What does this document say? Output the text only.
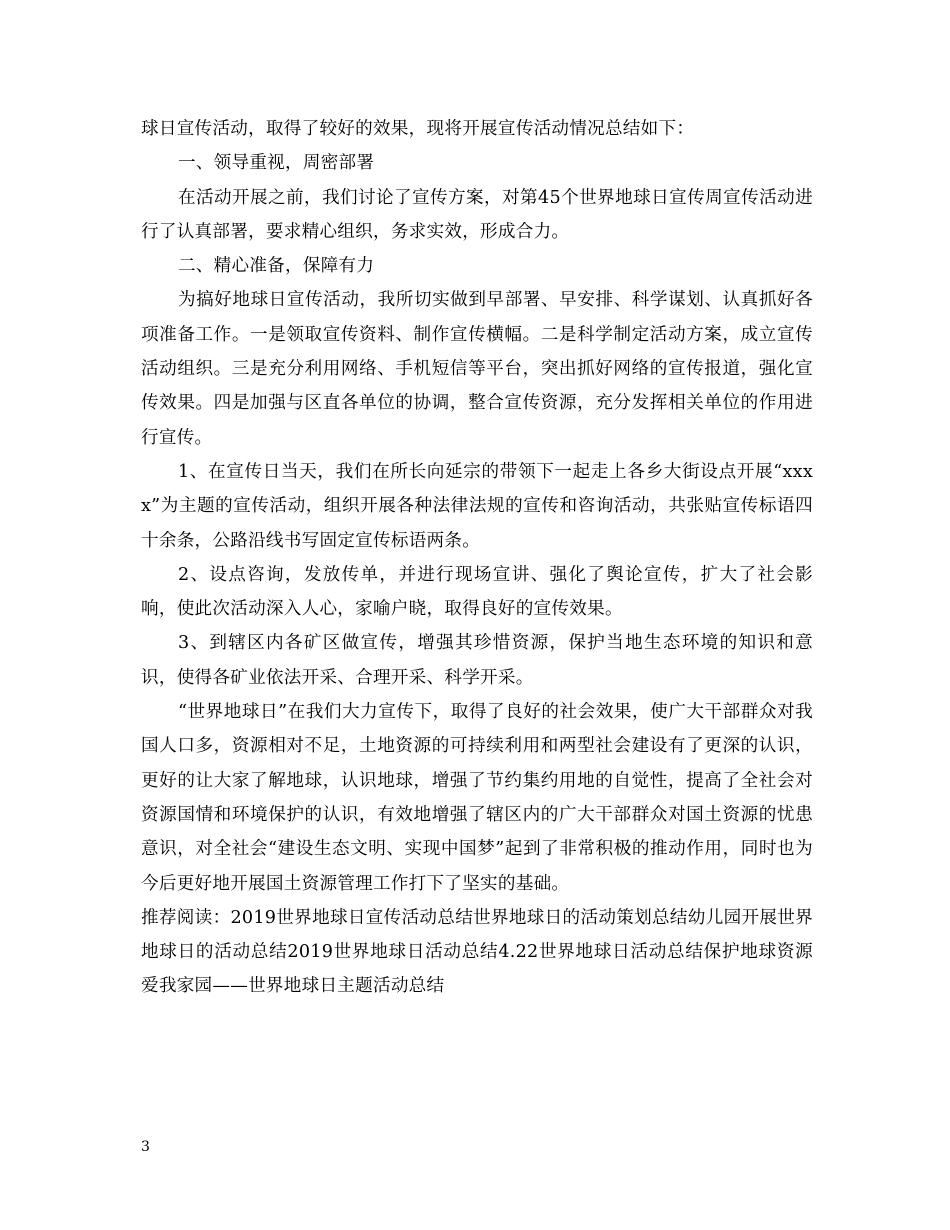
球日宣传活动，取得了较好的效果，现将开展宣传活动情况总结如下：

一、领导重视，周密部署

在活动开展之前，我们讨论了宣传方案，对第45个世界地球日宣传周宣传活动进行了认真部署，要求精心组织，务求实效，形成合力。

二、精心准备，保障有力

为搞好地球日宣传活动，我所切实做到早部署、早安排、科学谋划、认真抓好各项准备工作。一是领取宣传资料、制作宣传横幅。二是科学制定活动方案，成立宣传活动组织。三是充分利用网络、手机短信等平台，突出抓好网络的宣传报道，强化宣传效果。四是加强与区直各单位的协调，整合宣传资源，充分发挥相关单位的作用进行宣传。

1、在宣传日当天，我们在所长向延宗的带领下一起走上各乡大街设点开展“xxxx”为主题的宣传活动，组织开展各种法律法规的宣传和咨询活动，共张贴宣传标语四十余条，公路沿线书写固定宣传标语两条。

2、设点咨询，发放传单，并进行现场宣讲、强化了舆论宣传，扩大了社会影响，使此次活动深入人心，家喻户晓，取得良好的宣传效果。

3、到辖区内各矿区做宣传，增强其珍惜资源，保护当地生态环境的知识和意识，使得各矿业依法开采、合理开采、科学开采。

“世界地球日”在我们大力宣传下，取得了良好的社会效果，使广大干部群众对我国人口多，资源相对不足，土地资源的可持续利用和两型社会建设有了更深的认识，更好的让大家了解地球，认识地球，增强了节约集约用地的自觉性，提高了全社会对资源国情和环境保护的认识，有效地增强了辖区内的广大干部群众对国土资源的忧患意识，对全社会“建设生态文明、实现中国梦”起到了非常积极的推动作用，同时也为今后更好地开展国土资源管理工作打下了坚实的基础。

推荐阅读：2019世界地球日宣传活动总结世界地球日的活动策划总结幼儿园开展世界地球日的活动总结2019世界地球日活动总结4.22世界地球日活动总结保护地球资源爱我家园——世界地球日主题活动总结

3
